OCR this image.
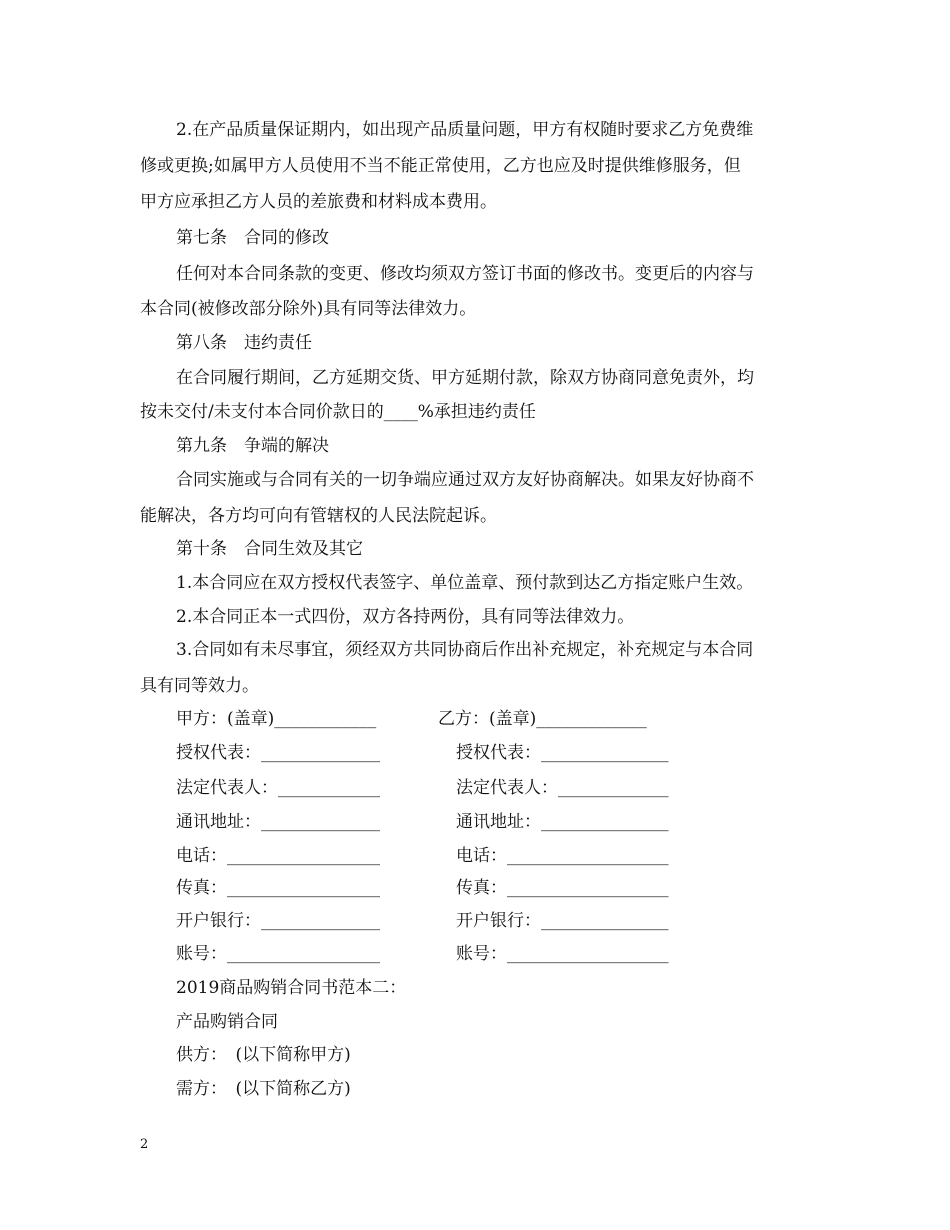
2.在产品质量保证期内，如出现产品质量问题，甲方有权随时要求乙方免费维
修或更换;如属甲方人员使用不当不能正常使用，乙方也应及时提供维修服务，但
甲方应承担乙方人员的差旅费和材料成本费用。
第七条　合同的修改
任何对本合同条款的变更、修改均须双方签订书面的修改书。变更后的内容与
本合同(被修改部分除外)具有同等法律效力。
第八条　违约责任
在合同履行期间，乙方延期交货、甲方延期付款，除双方协商同意免责外，均
按未交付/未支付本合同价款日的____%承担违约责任
第九条　争端的解决
合同实施或与合同有关的一切争端应通过双方友好协商解决。如果友好协商不
能解决，各方均可向有管辖权的人民法院起诉。
第十条　合同生效及其它
1.本合同应在双方授权代表签字、单位盖章、预付款到达乙方指定账户生效。
2.本合同正本一式四份，双方各持两份，具有同等法律效力。
3.合同如有未尽事宜，须经双方共同协商后作出补充规定，补充规定与本合同
具有同等效力。
甲方：(盖章)____________	乙方：(盖章)_____________
授权代表：______________	授权代表：_______________
法定代表人：____________	法定代表人：_____________
通讯地址：______________	通讯地址：_______________
电话：__________________	电话：___________________
传真：__________________	传真：___________________
开户银行：______________	开户银行：_______________
账号：__________________	账号：___________________
2019商品购销合同书范本二：
产品购销合同
供方：　(以下简称甲方)
需方：　(以下简称乙方)
2
